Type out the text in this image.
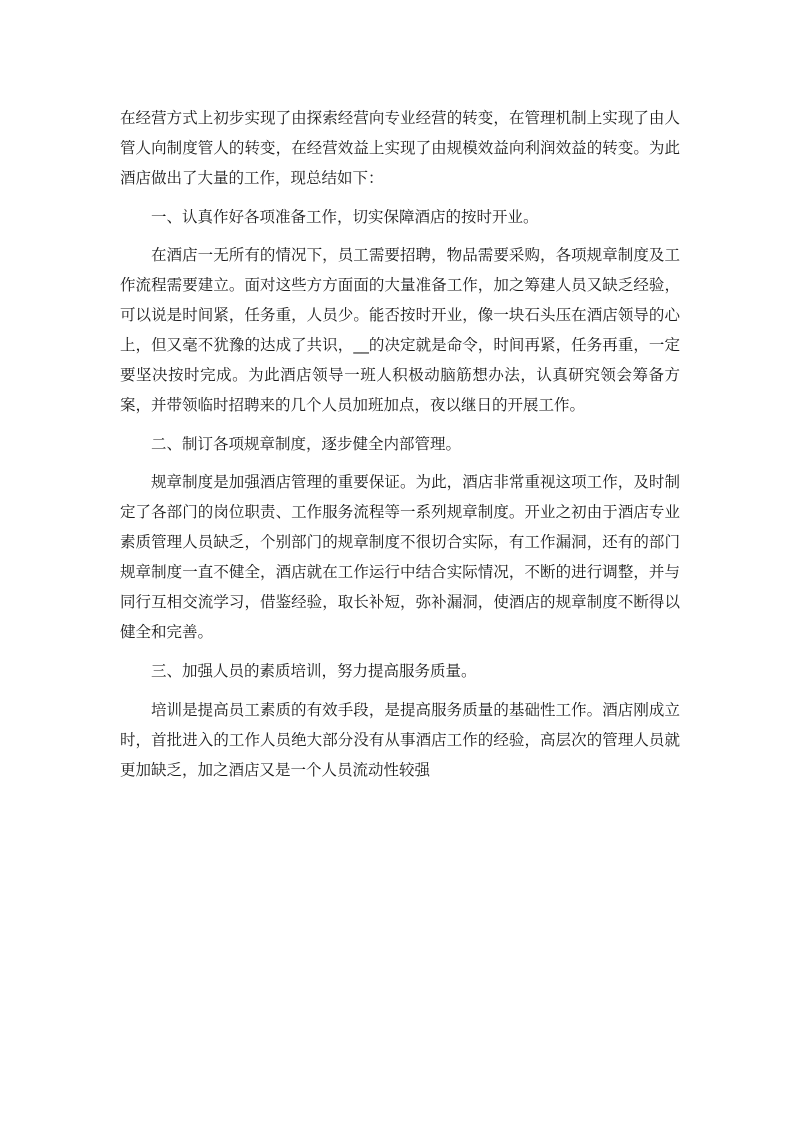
在经营方式上初步实现了由探索经营向专业经营的转变，在管理机制上实现了由人管人向制度管人的转变，在经营效益上实现了由规模效益向利润效益的转变。为此酒店做出了大量的工作，现总结如下：

一、认真作好各项准备工作，切实保障酒店的按时开业。

在酒店一无所有的情况下，员工需要招聘，物品需要采购，各项规章制度及工作流程需要建立。面对这些方方面面的大量准备工作，加之筹建人员又缺乏经验，可以说是时间紧，任务重，人员少。能否按时开业，像一块石头压在酒店领导的心上，但又毫不犹豫的达成了共识，__的决定就是命令，时间再紧，任务再重，一定要坚决按时完成。为此酒店领导一班人积极动脑筋想办法，认真研究领会筹备方案，并带领临时招聘来的几个人员加班加点，夜以继日的开展工作。

二、制订各项规章制度，逐步健全内部管理。

规章制度是加强酒店管理的重要保证。为此，酒店非常重视这项工作，及时制定了各部门的岗位职责、工作服务流程等一系列规章制度。开业之初由于酒店专业素质管理人员缺乏，个别部门的规章制度不很切合实际，有工作漏洞，还有的部门规章制度一直不健全，酒店就在工作运行中结合实际情况，不断的进行调整，并与同行互相交流学习，借鉴经验，取长补短，弥补漏洞，使酒店的规章制度不断得以健全和完善。

三、加强人员的素质培训，努力提高服务质量。

培训是提高员工素质的有效手段，是提高服务质量的基础性工作。酒店刚成立时，首批进入的工作人员绝大部分没有从事酒店工作的经验，高层次的管理人员就更加缺乏，加之酒店又是一个人员流动性较强
